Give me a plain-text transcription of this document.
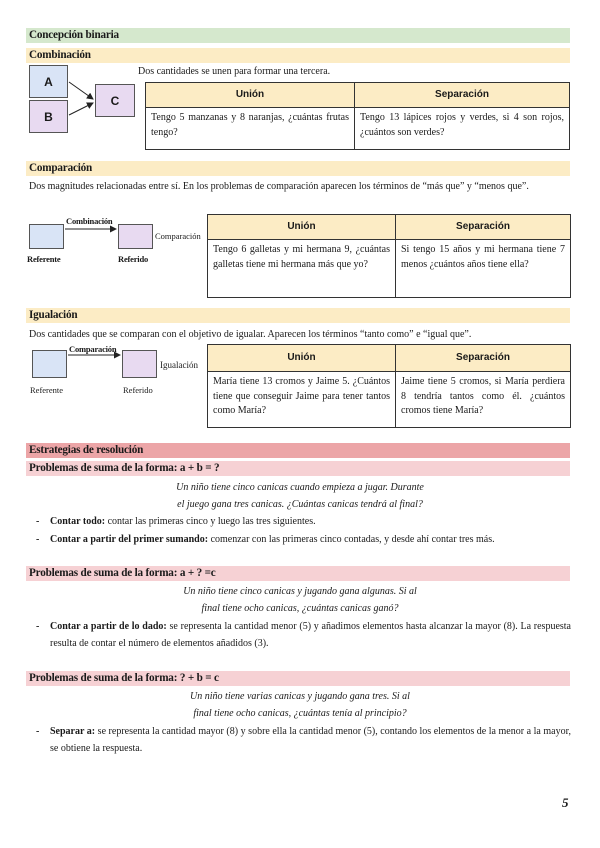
Concepción binaria
Combinación
A
B
C
Dos cantidades se unen para formar una tercera.
Unión	Separación
Tengo 5 manzanas y 8 naranjas, ¿cuántas frutas tengo?	Tengo 13 lápices rojos y verdes, si 4 son rojos, ¿cuántos son verdes?
Comparación
Dos magnitudes relacionadas entre sí. En los problemas de comparación aparecen los términos de “más que” y “menos que”.
Combinación
Comparación
Referente	Referido
Unión	Separación
Tengo 6 galletas y mi hermana 9, ¿cuántas galletas tiene mi hermana más que yo?	Si tengo 15 años y mi hermana tiene 7 menos ¿cuántos años tiene ella?
Igualación
Dos cantidades que se comparan con el objetivo de igualar. Aparecen los términos “tanto como” e “igual que”.
Comparación
Igualación
Referente	Referido
Unión	Separación
María tiene 13 cromos y Jaime 5. ¿Cuántos tiene que conseguir Jaime para tener tantos como María?	Jaime tiene 5 cromos, si María perdiera 8 tendría tantos como él. ¿cuántos cromos tiene María?
Estrategias de resolución
Problemas de suma de la forma: a + b = ?
Un niño tiene cinco canicas cuando empieza a jugar. Durante
el juego gana tres canicas. ¿Cuántas canicas tendrá al final?
- Contar todo: contar las primeras cinco y luego las tres siguientes.
- Contar a partir del primer sumando: comenzar con las primeras cinco contadas, y desde ahí contar tres más.
Problemas de suma de la forma: a + ? =c
Un niño tiene cinco canicas y jugando gana algunas. Si al
final tiene ocho canicas, ¿cuántas canicas ganó?
- Contar a partir de lo dado: se representa la cantidad menor (5) y añadimos elementos hasta alcanzar la mayor (8). La respuesta resulta de contar el número de elementos añadidos (3).
Problemas de suma de la forma: ? + b = c
Un niño tiene varias canicas y jugando gana tres. Si al
final tiene ocho canicas, ¿cuántas tenía al principio?
- Separar a: se representa la cantidad mayor (8) y sobre ella la cantidad menor (5), contando los elementos de la menor a la mayor, se obtiene la respuesta.
5
